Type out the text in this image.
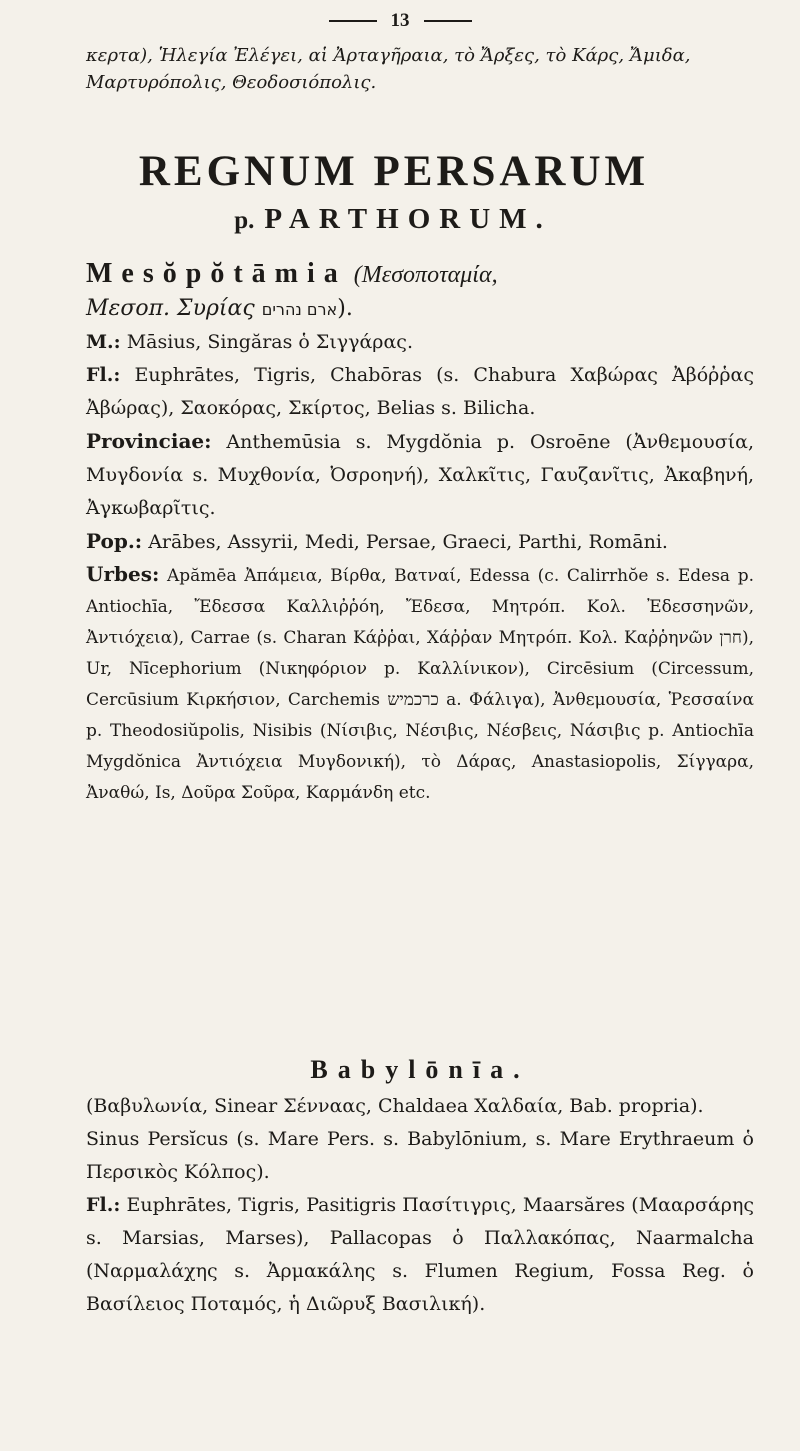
13
κερτα), Ἡλεγία Ἐλέγει, αἱ Ἀρταγῆραια, τὸ Ἄρξες, τὸ Κάρς, Ἄμιδα, Μαρτυρόπολις, Θεοδοσιόπολις.
REGNUM PERSARUM
p. PARTHORUM.
Mesŏpŏtāmia (Μεσοποταμία,
Μεσοπ. Συρίας ארם נהרים).
M.: Māsius, Singăras ὁ Σιγγάρας.
Fl.: Euphrātes, Tigris, Chabōras (s. Chabura Χαβώρας Ἀβόῤῥας Ἀβώρας), Σαοκόρας, Σκίρτος, Belias s. Bilicha.
Provinciae: Anthemūsia s. Mygdŏnia p. Osroēne (Ἀνθεμουσία, Μυγδονία s. Μυχθονία, Ὀσροηνή), Χαλκῖτις, Γαυζανῖτις, Ἀκαβηνή, Ἀγκωβαρῖτις.
Pop.: Arābes, Assyrii, Medi, Persae, Graeci, Parthi, Romāni.
Urbes: Apămēa Ἀπάμεια, Βίρθα, Βατναί, Edessa (c. Calirrhŏe s. Edesa p. Antiochīa, Ἔδεσσα Καλλιῤῥόη, Ἔδεσα, Μητρόπ. Κολ. Ἐδεσσηνῶν, Ἀντιόχεια), Carrae (s. Charan Κάῤῥαι, Χάῤῥαν Μητρόπ. Κολ. Καῤῥηνῶν חרן), Ur, Nīcephorium (Νικηφόριον p. Καλλίνικον), Circēsium (Circessum, Cercūsium Κιρκήσιον, Carchemis כרכמיש a. Φάλιγα), Ἀνθεμουσία, Ῥεσσαίνα p. Theodosiŭpolis, Nisibis (Νίσιβις, Νέσιβις, Νέσβεις, Νάσιβις p. Antiochīa Mygdŏnica Ἀντιόχεια Μυγδονική), τὸ Δάρας, Anastasiopolis, Σίγγαρα, Ἀναθώ, Is, Δοῦρα Σοῦρα, Καρμάνδη etc.
Babylōnīa.
(Βαβυλωνία, Sinear Σένναας, Chaldaea Χαλδαία, Bab. propria).
Sinus Persĭcus (s. Mare Pers. s. Babylōnium, s. Mare Erythraeum ὁ Περσικὸς Κόλπος).
Fl.: Euphrātes, Tigris, Pasitigris Πασίτιγρις, Maarsăres (Μααρσάρης s. Marsias, Marses), Pallacopas ὁ Παλλακόπας, Naarmalcha (Ναρμαλάχης s. Ἀρμακάλης s. Flumen Regium, Fossa Reg. ὁ Βασίλειος Ποταμός, ἡ Διῶρυξ Βασιλική).
